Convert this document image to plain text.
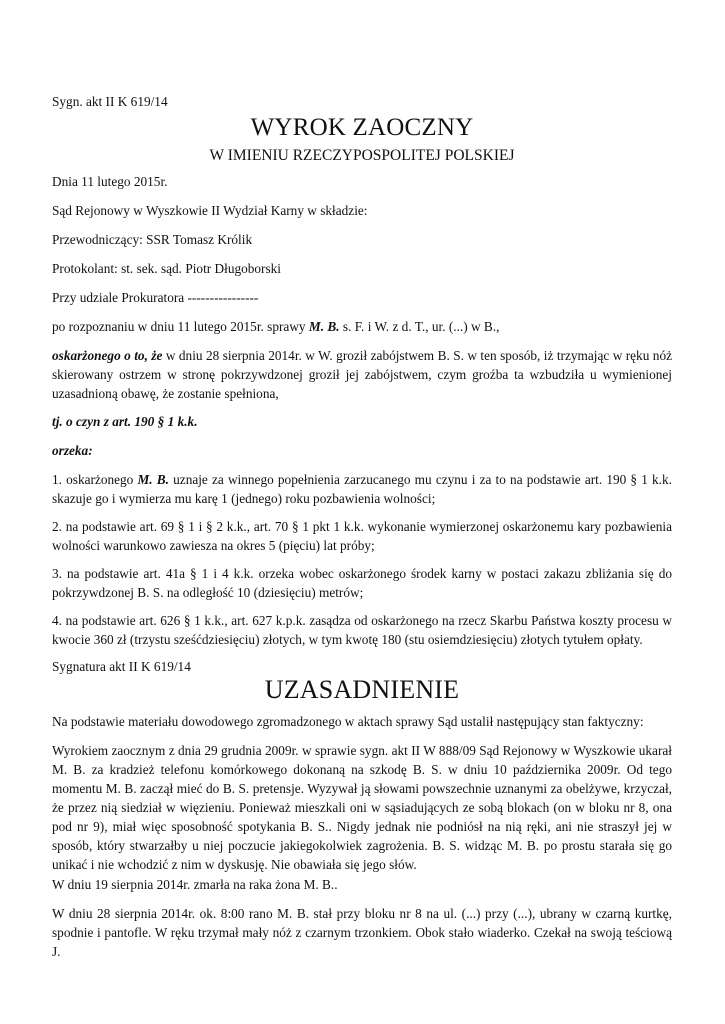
Sygn. akt II K 619/14

WYROK ZAOCZNY
W IMIENIU RZECZYPOSPOLITEJ POLSKIEJ

Dnia 11 lutego 2015r.

Sąd Rejonowy w Wyszkowie II Wydział Karny w składzie:

Przewodniczący: SSR Tomasz Królik

Protokolant: st. sek. sąd. Piotr Długoborski

Przy udziale Prokuratora ----------------

po rozpoznaniu w dniu 11 lutego 2015r. sprawy M. B. s. F. i W. z d. T., ur. (...) w B.,

oskarżonego o to, że w dniu 28 sierpnia 2014r. w W. groził zabójstwem B. S. w ten sposób, iż trzymając w ręku nóż skierowany ostrzem w stronę pokrzywdzonej groził jej zabójstwem, czym groźba ta wzbudziła u wymienionej uzasadnioną obawę, że zostanie spełniona,

tj. o czyn z art. 190 § 1 k.k.

orzeka:

1. oskarżonego M. B. uznaje za winnego popełnienia zarzucanego mu czynu i za to na podstawie art. 190 § 1 k.k. skazuje go i wymierza mu karę 1 (jednego) roku pozbawienia wolności;

2. na podstawie art. 69 § 1 i § 2 k.k., art. 70 § 1 pkt 1 k.k. wykonanie wymierzonej oskarżonemu kary pozbawienia wolności warunkowo zawiesza na okres 5 (pięciu) lat próby;

3. na podstawie art. 41a § 1 i 4 k.k. orzeka wobec oskarżonego środek karny w postaci zakazu zbliżania się do pokrzywdzonej B. S. na odległość 10 (dziesięciu) metrów;

4. na podstawie art. 626 § 1 k.k., art. 627 k.p.k. zasądza od oskarżonego na rzecz Skarbu Państwa koszty procesu w kwocie 360 zł (trzystu sześćdziesięciu) złotych, w tym kwotę 180 (stu osiemdziesięciu) złotych tytułem opłaty.

Sygnatura akt II K 619/14

UZASADNIENIE

Na podstawie materiału dowodowego zgromadzonego w aktach sprawy Sąd ustalił następujący stan faktyczny:

Wyrokiem zaocznym z dnia 29 grudnia 2009r. w sprawie sygn. akt II W 888/09 Sąd Rejonowy w Wyszkowie ukarał M. B. za kradzież telefonu komórkowego dokonaną na szkodę B. S. w dniu 10 października 2009r. Od tego momentu M. B. zaczął mieć do B. S. pretensje. Wyzywał ją słowami powszechnie uznanymi za obelżywe, krzyczał, że przez nią siedział w więzieniu. Ponieważ mieszkali oni w sąsiadujących ze sobą blokach (on w bloku nr 8, ona pod nr 9), miał więc sposobność spotykania B. S.. Nigdy jednak nie podniósł na nią ręki, ani nie straszył jej w sposób, który stwarzałby u niej poczucie jakiegokolwiek zagrożenia. B. S. widząc M. B. po prostu starała się go unikać i nie wchodzić z nim w dyskusję. Nie obawiała się jego słów.

W dniu 19 sierpnia 2014r. zmarła na raka żona M. B..

W dniu 28 sierpnia 2014r. ok. 8:00 rano M. B. stał przy bloku nr 8 na ul. (...) przy (...), ubrany w czarną kurtkę, spodnie i pantofle. W ręku trzymał mały nóż z czarnym trzonkiem. Obok stało wiaderko. Czekał na swoją teściową J.
